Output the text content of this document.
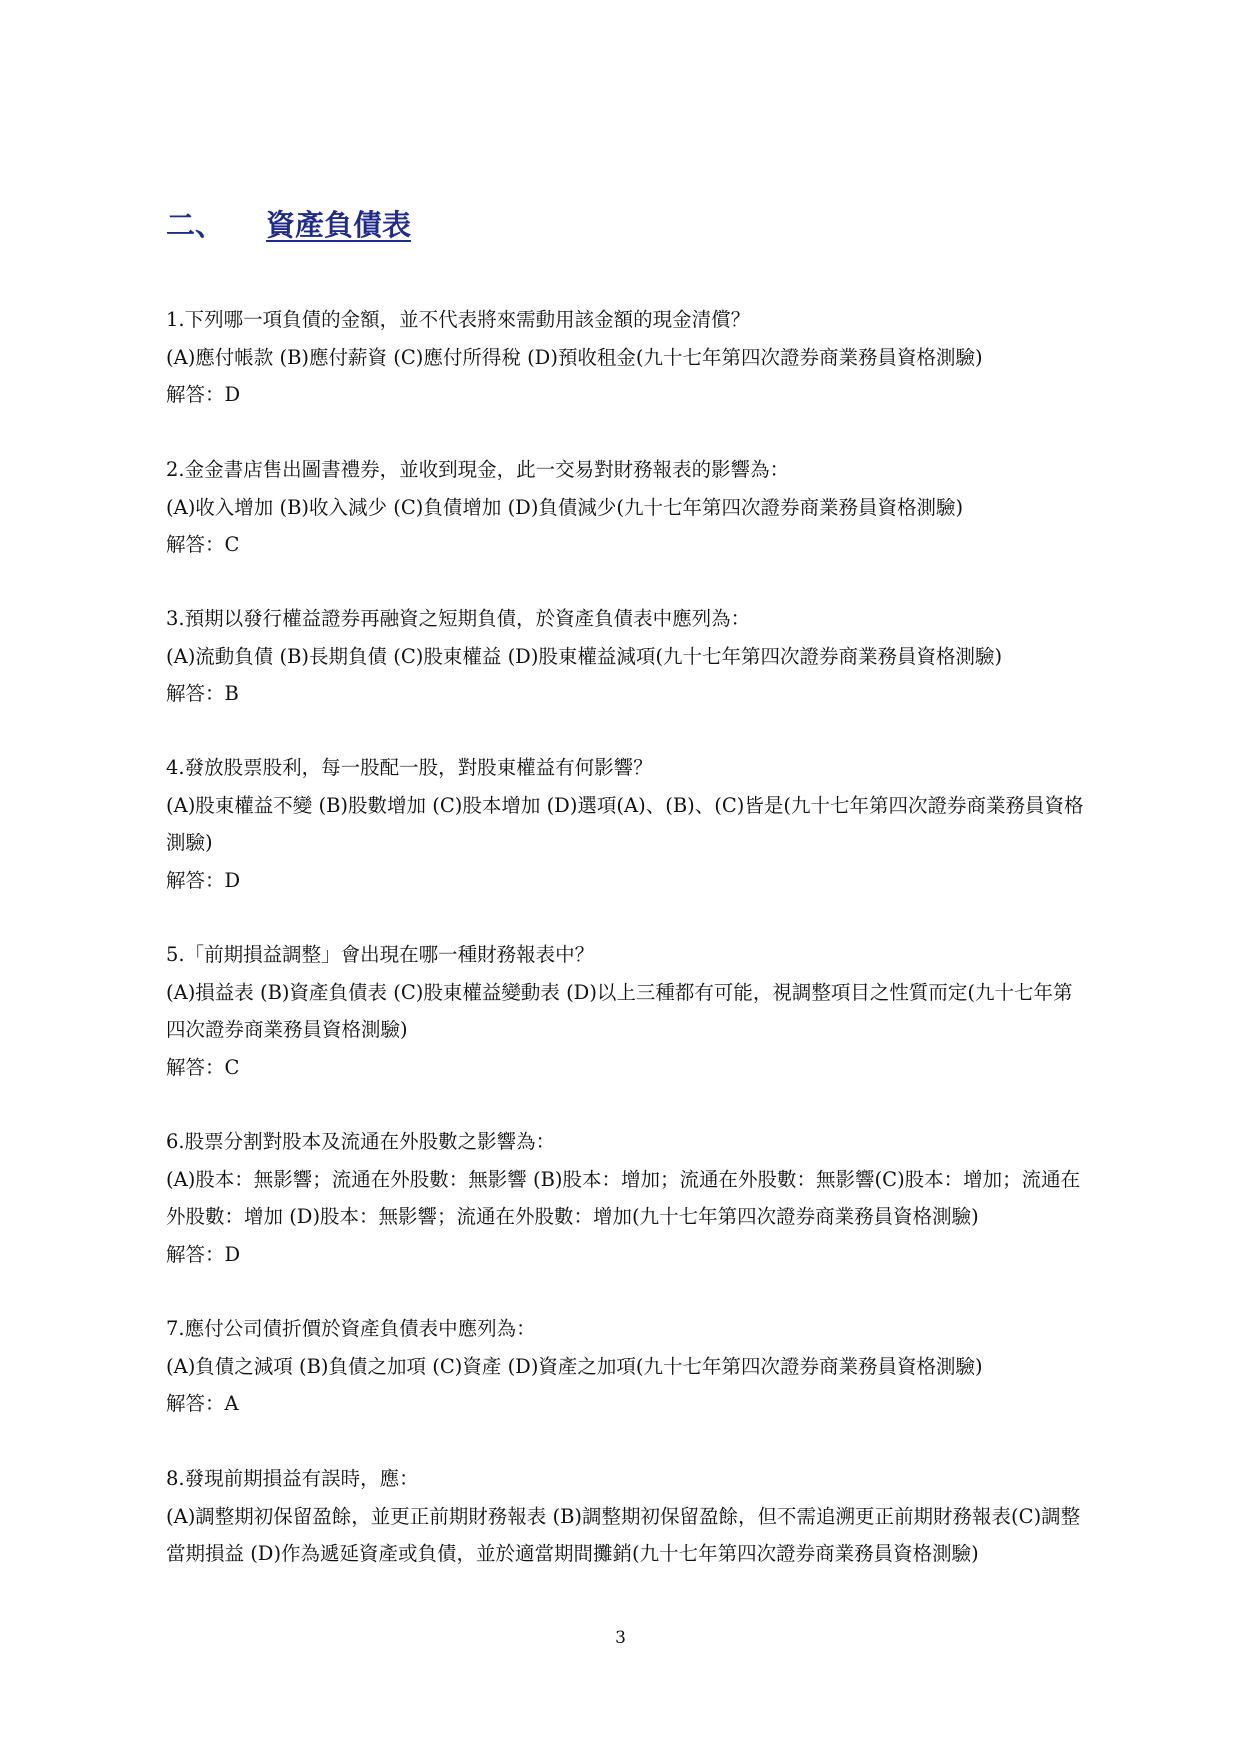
二、 資產負債表

1.下列哪一項負債的金額，並不代表將來需動用該金額的現金清償？

(A)應付帳款 (B)應付薪資 (C)應付所得稅 (D)預收租金(九十七年第四次證券商業務員資格測驗)

解答：D

2.金金書店售出圖書禮券，並收到現金，此一交易對財務報表的影響為：

(A)收入增加 (B)收入減少 (C)負債增加 (D)負債減少(九十七年第四次證券商業務員資格測驗)

解答：C

3.預期以發行權益證券再融資之短期負債，於資產負債表中應列為：

(A)流動負債 (B)長期負債 (C)股東權益 (D)股東權益減項(九十七年第四次證券商業務員資格測驗)

解答：B

4.發放股票股利，每一股配一股，對股東權益有何影響？

(A)股東權益不變 (B)股數增加 (C)股本增加 (D)選項(A)、(B)、(C)皆是(九十七年第四次證券商業務員資格測驗)

解答：D

5.「前期損益調整」會出現在哪一種財務報表中？

(A)損益表 (B)資產負債表 (C)股東權益變動表 (D)以上三種都有可能，視調整項目之性質而定(九十七年第四次證券商業務員資格測驗)

解答：C

6.股票分割對股本及流通在外股數之影響為：

(A)股本：無影響；流通在外股數：無影響 (B)股本：增加；流通在外股數：無影響(C)股本：增加；流通在外股數：增加 (D)股本：無影響；流通在外股數：增加(九十七年第四次證券商業務員資格測驗)

解答：D

7.應付公司債折價於資產負債表中應列為：

(A)負債之減項 (B)負債之加項 (C)資產 (D)資產之加項(九十七年第四次證券商業務員資格測驗)

解答：A

8.發現前期損益有誤時，應：

(A)調整期初保留盈餘，並更正前期財務報表 (B)調整期初保留盈餘，但不需追溯更正前期財務報表(C)調整當期損益 (D)作為遞延資產或負債，並於適當期間攤銷(九十七年第四次證券商業務員資格測驗)

3
